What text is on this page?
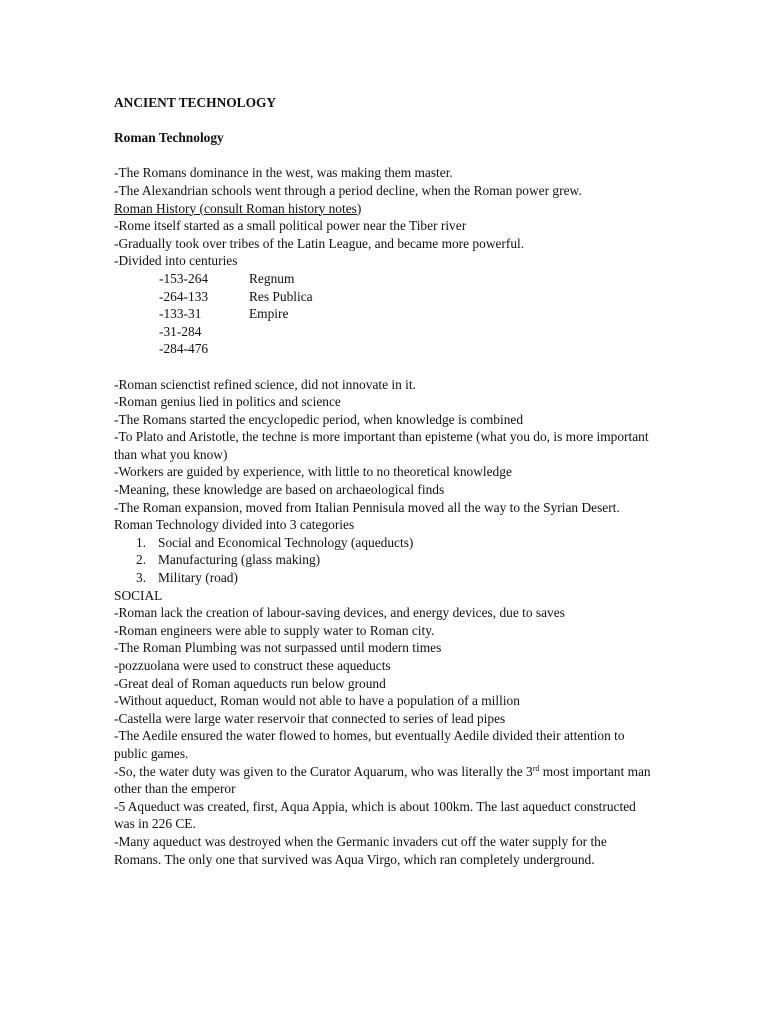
ANCIENT TECHNOLOGY
Roman Technology
-The Romans dominance in the west, was making them master.
-The Alexandrian schools went through a period decline, when the Roman power grew.
Roman History (consult Roman history notes)
-Rome itself started as a small political power near the Tiber river
-Gradually took over tribes of the Latin League, and became more powerful.
-Divided into centuries
-153-264	Regnum
-264-133	Res Publica
-133-31	Empire
-31-284
-284-476
-Roman scienctist refined science, did not innovate in it.
-Roman genius lied in politics and science
-The Romans started the encyclopedic period, when knowledge is combined
-To Plato and Aristotle, the techne is more important than episteme (what you do, is more important than what you know)
-Workers are guided by experience, with little to no theoretical knowledge
-Meaning, these knowledge are based on archaeological finds
-The Roman expansion, moved from Italian Pennisula moved all the way to the Syrian Desert.
Roman Technology divided into 3 categories
1. Social and Economical Technology (aqueducts)
2. Manufacturing (glass making)
3. Military (road)
SOCIAL
-Roman lack the creation of labour-saving devices, and energy devices, due to saves
-Roman engineers were able to supply water to Roman city.
-The Roman Plumbing was not surpassed until modern times
-pozzuolana were used to construct these aqueducts
-Great deal of Roman aqueducts run below ground
-Without aqueduct, Roman would not able to have a population of a million
-Castella were large water reservoir that connected to series of lead pipes
-The Aedile ensured the water flowed to homes, but eventually Aedile divided their attention to public games.
-So, the water duty was given to the Curator Aquarum, who was literally the 3rd most important man other than the emperor
-5 Aqueduct was created, first, Aqua Appia, which is about 100km. The last aqueduct constructed was in 226 CE.
-Many aqueduct was destroyed when the Germanic invaders cut off the water supply for the Romans. The only one that survived was Aqua Virgo, which ran completely underground.
